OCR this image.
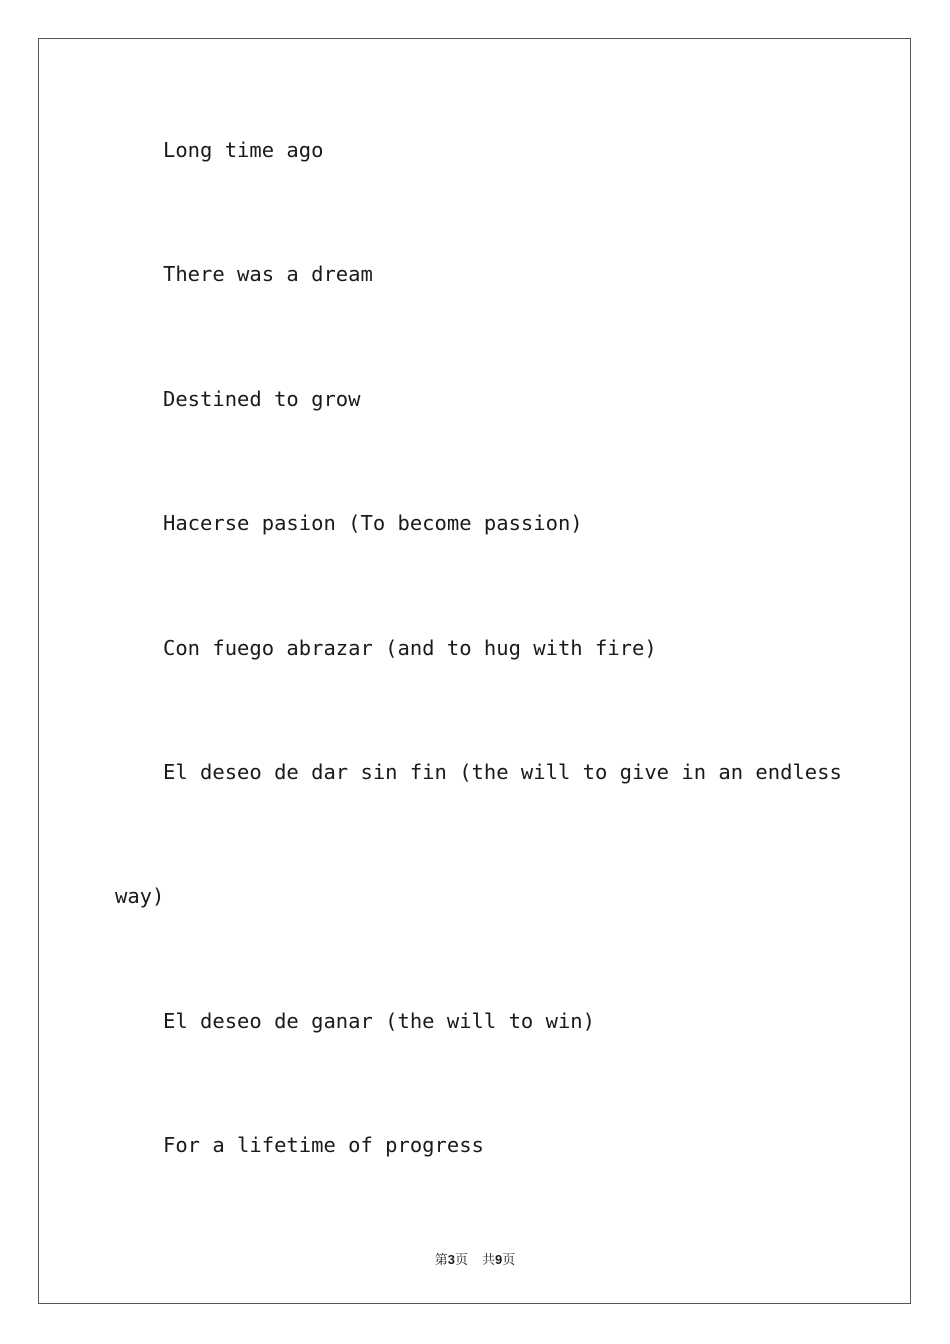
Long time ago
There was a dream
Destined to grow
Hacerse pasion (To become passion)
Con fuego abrazar (and to hug with fire)
El deseo de dar sin fin (the will to give in an endless
way)
El deseo de ganar (the will to win)
For a lifetime of progress
第3页 共9页
